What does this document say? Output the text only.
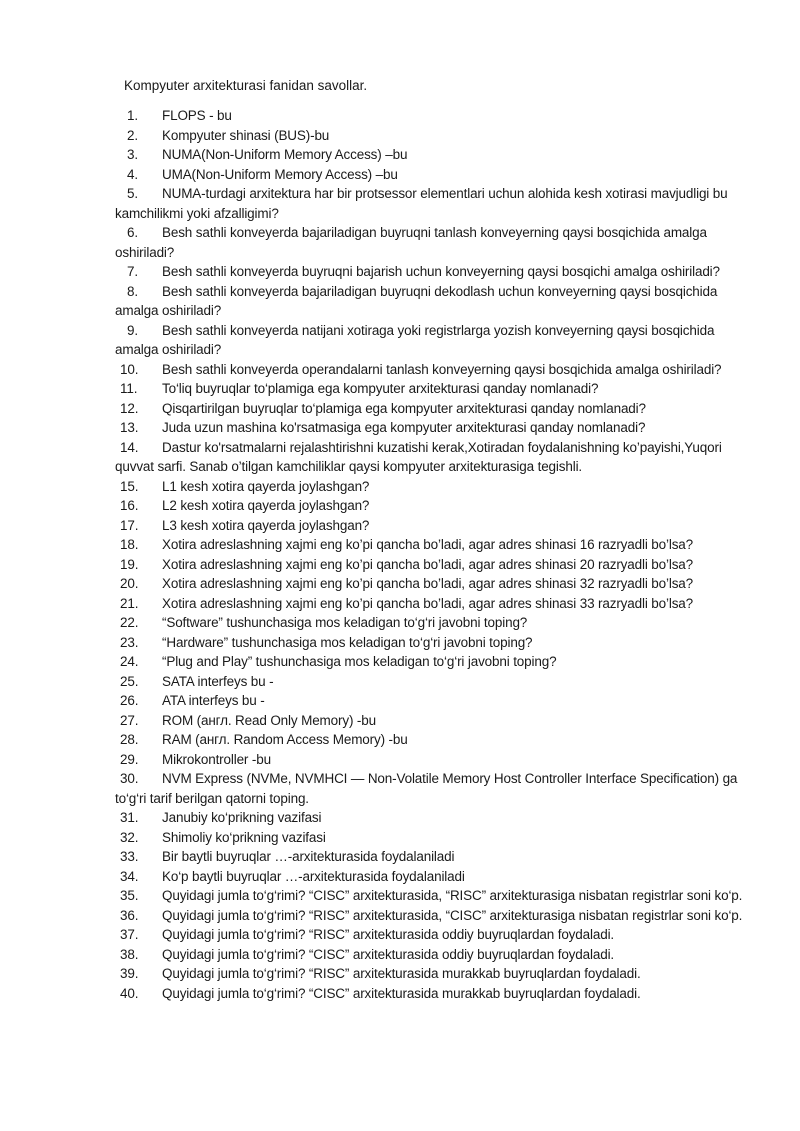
Kompyuter arxitekturasi fanidan savollar.
1. FLOPS - bu
2. Kompyuter shinasi (BUS)-bu
3. NUMA(Non-Uniform Memory Access) –bu
4. UMA(Non-Uniform Memory Access) –bu
5. NUMA-turdagi arxitektura har bir protsessor elementlari uchun alohida kesh xotirasi mavjudligi bu kamchilikmi yoki afzalligimi?
6. Besh sathli konveyerda bajariladigan buyruqni tanlash konveyerning qaysi bosqichida amalga oshiriladi?
7. Besh sathli konveyerda buyruqni bajarish uchun konveyerning qaysi bosqichi amalga oshiriladi?
8. Besh sathli konveyerda bajariladigan buyruqni dekodlash uchun konveyerning qaysi bosqichida amalga oshiriladi?
9. Besh sathli konveyerda natijani xotiraga yoki registrlarga yozish konveyerning qaysi bosqichida amalga oshiriladi?
10. Besh sathli konveyerda operandalarni tanlash konveyerning qaysi bosqichida amalga oshiriladi?
11. To‘liq buyruqlar to‘plamiga ega kompyuter arxitekturasi qanday nomlanadi?
12. Qisqartirilgan buyruqlar to‘plamiga ega kompyuter arxitekturasi qanday nomlanadi?
13. Juda uzun mashina ko'rsatmasiga ega kompyuter arxitekturasi qanday nomlanadi?
14. Dastur ko'rsatmalarni rejalashtirishni kuzatishi kerak,Xotiradan foydalanishning ko’payishi,Yuqori quvvat sarfi. Sanab o’tilgan kamchiliklar qaysi kompyuter arxitekturasiga tegishli.
15. L1 kesh xotira qayerda joylashgan?
16. L2 kesh xotira qayerda joylashgan?
17. L3 kesh xotira qayerda joylashgan?
18. Xotira adreslashning xajmi eng ko’pi qancha bo’ladi, agar adres shinasi 16 razryadli bo’lsa?
19. Xotira adreslashning xajmi eng ko’pi qancha bo’ladi, agar adres shinasi 20 razryadli bo’lsa?
20. Xotira adreslashning xajmi eng ko’pi qancha bo’ladi, agar adres shinasi 32 razryadli bo’lsa?
21. Xotira adreslashning xajmi eng ko’pi qancha bo’ladi, agar adres shinasi 33 razryadli bo’lsa?
22. “Software” tushunchasiga mos keladigan to‘g‘ri javobni toping?
23. “Hardware” tushunchasiga mos keladigan to‘g‘ri javobni toping?
24. “Plug and Play” tushunchasiga mos keladigan to‘g‘ri javobni toping?
25. SATA interfeys bu -
26. ATA interfeys bu -
27. ROM (англ. Read Only Memory) -bu
28. RAM (англ. Random Access Memory) -bu
29. Mikrokontroller -bu
30. NVM Express (NVMe, NVMHCI — Non-Volatile Memory Host Controller Interface Specification) ga to‘g‘ri tarif berilgan qatorni toping.
31. Janubiy ko‘prikning vazifasi
32. Shimoliy ko‘prikning vazifasi
33. Bir baytli buyruqlar …-arxitekturasida foydalaniladi
34. Ko‘p baytli buyruqlar …-arxitekturasida foydalaniladi
35. Quyidagi jumla to‘g‘rimi? “CISC” arxitekturasida, “RISC” arxitekturasiga nisbatan registrlar soni ko‘p.
36. Quyidagi jumla to‘g‘rimi? “RISC” arxitekturasida, “CISC” arxitekturasiga nisbatan registrlar soni ko‘p.
37. Quyidagi jumla to‘g‘rimi? “RISC” arxitekturasida oddiy buyruqlardan foydaladi.
38. Quyidagi jumla to‘g‘rimi? “CISC” arxitekturasida oddiy buyruqlardan foydaladi.
39. Quyidagi jumla to‘g‘rimi? “RISC” arxitekturasida murakkab buyruqlardan foydaladi.
40. Quyidagi jumla to‘g‘rimi? “CISC” arxitekturasida murakkab buyruqlardan foydaladi.
